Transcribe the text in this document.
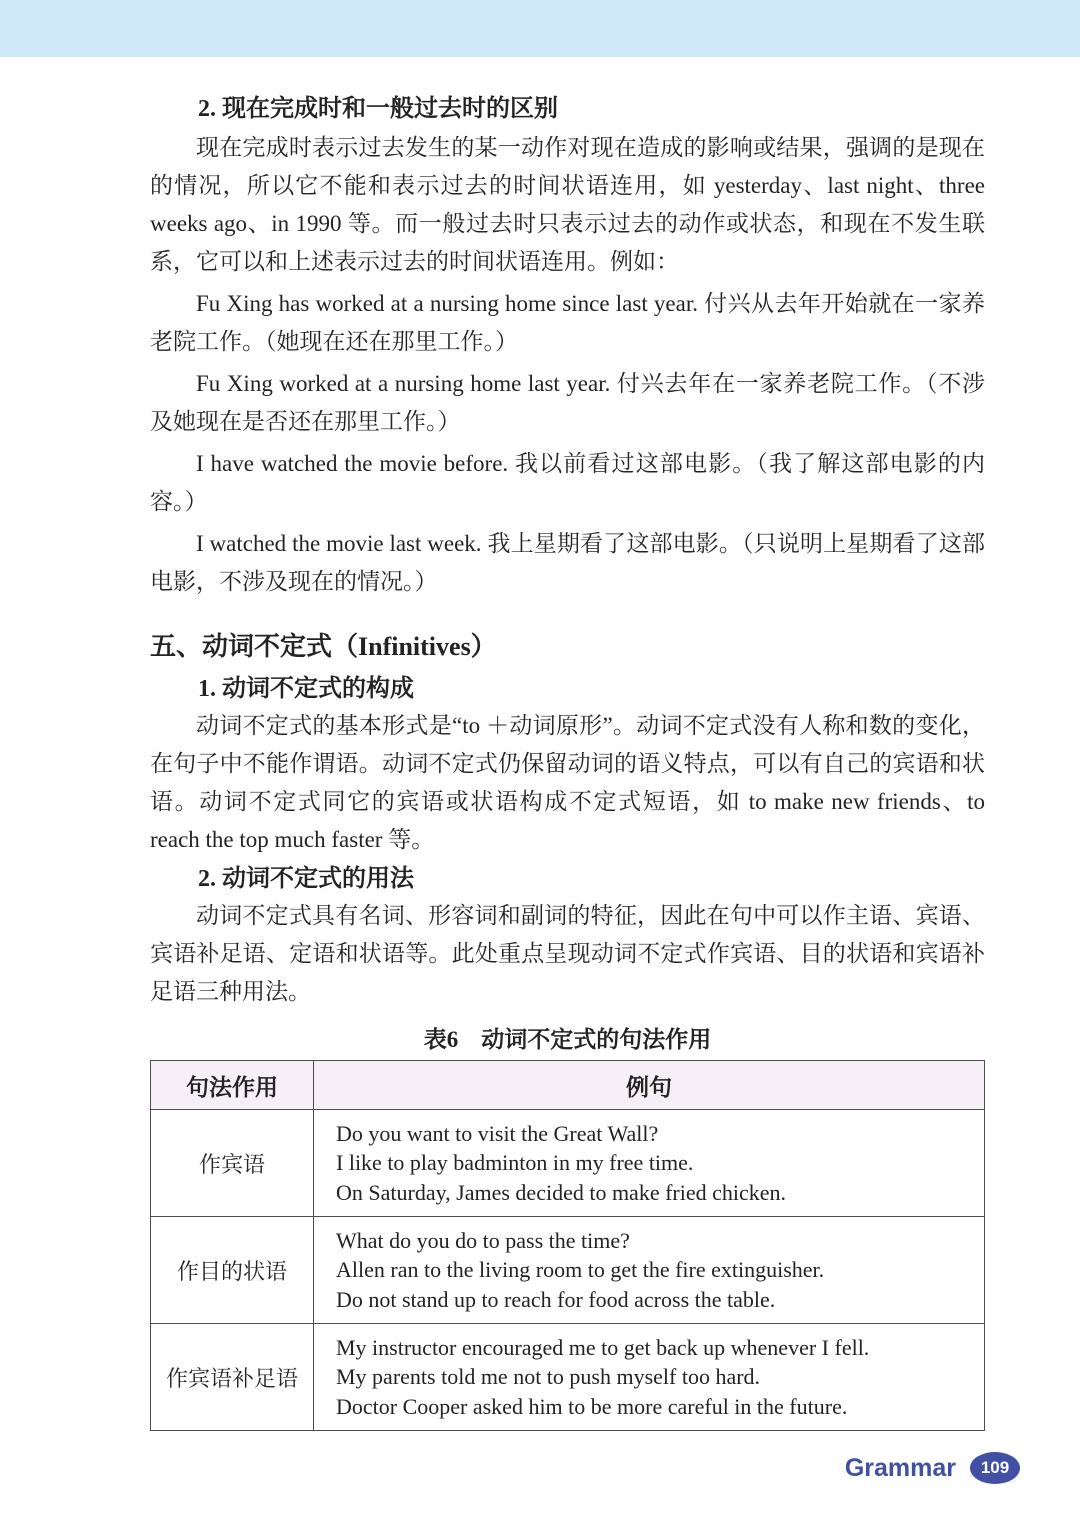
2. 现在完成时和一般过去时的区别

现在完成时表示过去发生的某一动作对现在造成的影响或结果，强调的是现在的情况，所以它不能和表示过去的时间状语连用，如 yesterday、last night、three weeks ago、in 1990 等。而一般过去时只表示过去的动作或状态，和现在不发生联系，它可以和上述表示过去的时间状语连用。例如：

Fu Xing has worked at a nursing home since last year. 付兴从去年开始就在一家养老院工作。（她现在还在那里工作。）

Fu Xing worked at a nursing home last year. 付兴去年在一家养老院工作。（不涉及她现在是否还在那里工作。）

I have watched the movie before. 我以前看过这部电影。（我了解这部电影的内容。）

I watched the movie last week. 我上星期看了这部电影。（只说明上星期看了这部电影，不涉及现在的情况。）

五、动词不定式（Infinitives）
1. 动词不定式的构成

动词不定式的基本形式是“to ＋动词原形”。动词不定式没有人称和数的变化，在句子中不能作谓语。动词不定式仍保留动词的语义特点，可以有自己的宾语和状语。动词不定式同它的宾语或状语构成不定式短语，如 to make new friends、to reach the top much faster 等。

2. 动词不定式的用法

动词不定式具有名词、形容词和副词的特征，因此在句中可以作主语、宾语、宾语补足语、定语和状语等。此处重点呈现动词不定式作宾语、目的状语和宾语补足语三种用法。

表6　动词不定式的句法作用
句法作用	例句
作宾语	Do you want to visit the Great Wall?
I like to play badminton in my free time.
On Saturday, James decided to make fried chicken.

作目的状语	What do you do to pass the time?
Allen ran to the living room to get the fire extinguisher.
Do not stand up to reach for food across the table.

作宾语补足语	My instructor encouraged me to get back up whenever I fell.
My parents told me not to push myself too hard.
Doctor Cooper asked him to be more careful in the future.
Grammar	109
